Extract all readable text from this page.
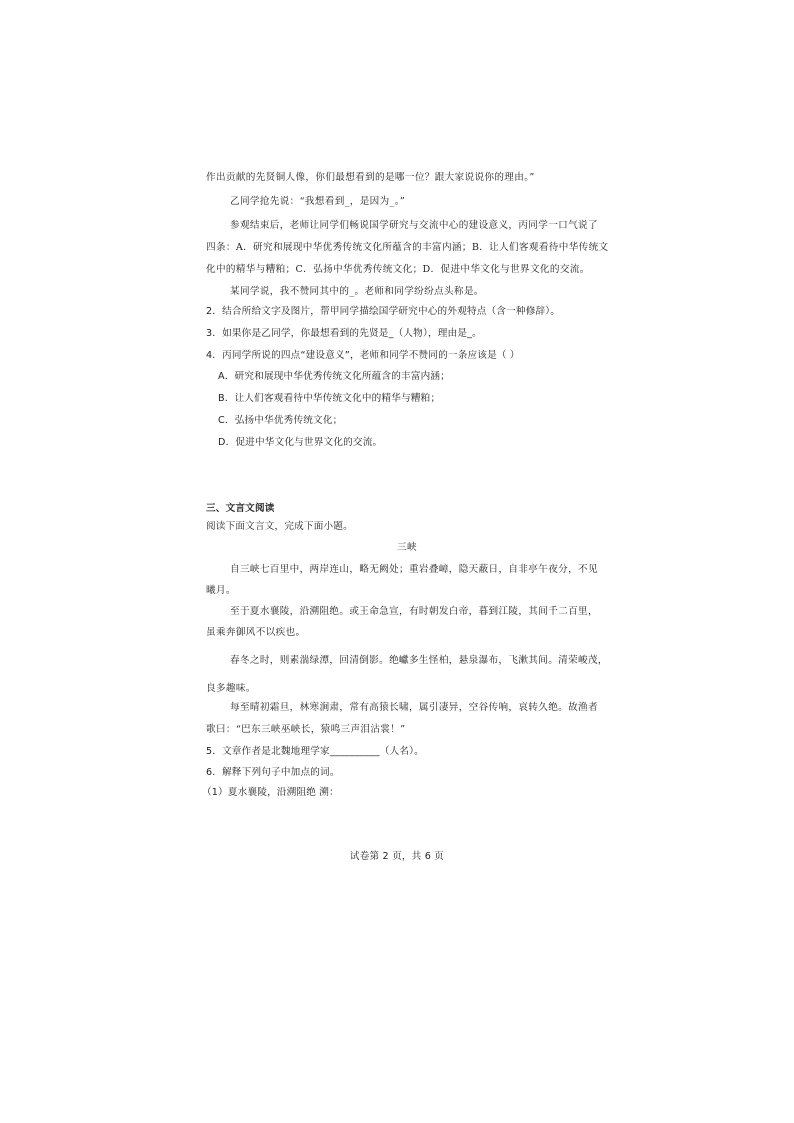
作出贡献的先贤铜人像，你们最想看到的是哪一位？跟大家说说你的理由。”
乙同学抢先说：“我想看到_，是因为_。”
参观结束后，老师让同学们畅说国学研究与交流中心的建设意义，丙同学一口气说了
四条：A．研究和展现中华优秀传统文化所蕴含的丰富内涵；B．让人们客观看待中华传统文
化中的精华与糟粕；C．弘扬中华优秀传统文化；D．促进中华文化与世界文化的交流。
某同学说，我不赞同其中的_。老师和同学纷纷点头称是。
2．结合所给文字及图片，帮甲同学描绘国学研究中心的外观特点（含一种修辞）。
3．如果你是乙同学，你最想看到的先贤是_（人物），理由是_。
4．丙同学所说的四点“建设意义”，老师和同学不赞同的一条应该是（ ）
A．研究和展现中华优秀传统文化所蕴含的丰富内涵；
B．让人们客观看待中华传统文化中的精华与糟粕；
C．弘扬中华优秀传统文化；
D．促进中华文化与世界文化的交流。
三、文言文阅读
阅读下面文言文，完成下面小题。
三峡
自三峡七百里中，两岸连山，略无阙处；重岩叠嶂，隐天蔽日，自非亭午夜分，不见
曦月。
至于夏水襄陵，沿溯阻绝。或王命急宣，有时朝发白帝，暮到江陵，其间千二百里，
虽乘奔御风不以疾也。
春冬之时，则素湍绿潭，回清倒影。绝巘多生怪柏，悬泉瀑布，飞漱其间。清荣峻茂，
良多趣味。
每至晴初霜旦，林寒涧肃，常有高猿长啸，属引凄异，空谷传响，哀转久绝。故渔者
歌曰：“巴东三峡巫峡长，猿鸣三声泪沾裳！”
5．文章作者是北魏地理学家__________（人名）。
6．解释下列句子中加点的词。
（1）夏水襄陵，沿溯阻绝 溯：
试卷第 2 页，共 6 页
